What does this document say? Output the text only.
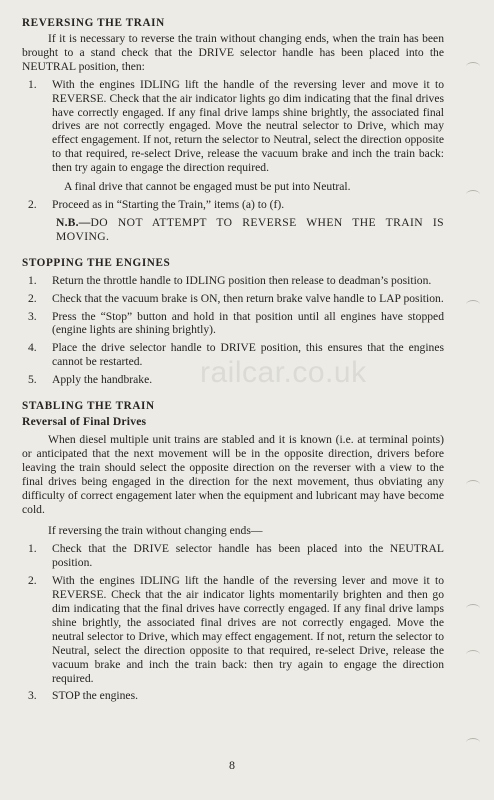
railcar.co.uk
REVERSING THE TRAIN

If it is necessary to reverse the train without changing ends, when the train has been brought to a stand check that the DRIVE selector handle has been placed into the NEUTRAL position, then:

1. With the engines IDLING lift the handle of the reversing lever and move it to REVERSE. Check that the air indicator lights go dim indicating that the final drives have correctly engaged. If any final drive lamps shine brightly, the associated final drives are not correctly engaged. Move the neutral selector to Drive, which may effect engagement. If not, return the selector to Neutral, select the direction opposite to that required, re-select Drive, release the vacuum brake and inch the train back: then try again to engage the direction required.

A final drive that cannot be engaged must be put into Neutral.

2. Proceed as in “Starting the Train,” items (a) to (f).

N.B.—DO NOT ATTEMPT TO REVERSE WHEN THE TRAIN IS MOVING.

STOPPING THE ENGINES
1. Return the throttle handle to IDLING position then release to deadman’s position.

2. Check that the vacuum brake is ON, then return brake valve handle to LAP position.

3. Press the “Stop” button and hold in that position until all engines have stopped (engine lights are shining brightly).

4. Place the drive selector handle to DRIVE position, this ensures that the engines cannot be restarted.

5. Apply the handbrake.

STABLING THE TRAIN
Reversal of Final Drives

When diesel multiple unit trains are stabled and it is known (i.e. at terminal points) or anticipated that the next movement will be in the opposite direction, drivers before leaving the train should select the opposite direction on the reverser with a view to the final drives being engaged in the direction for the next movement, thus obviating any difficulty of correct engagement later when the equipment and lubricant may have become cold.

If reversing the train without changing ends—

1. Check that the DRIVE selector handle has been placed into the NEUTRAL position.

2. With the engines IDLING lift the handle of the reversing lever and move it to REVERSE. Check that the air indicator lights momentarily brighten and then go dim indicating that the final drives have correctly engaged. If any final drive lamps shine brightly, the associated final drives are not correctly engaged. Move the neutral selector to Drive, which may effect engagement. If not, return the selector to Neutral, select the direction opposite to that required, re-select Drive, release the vacuum brake and inch the train back: then try again to engage the direction required.

3. STOP the engines.

8
